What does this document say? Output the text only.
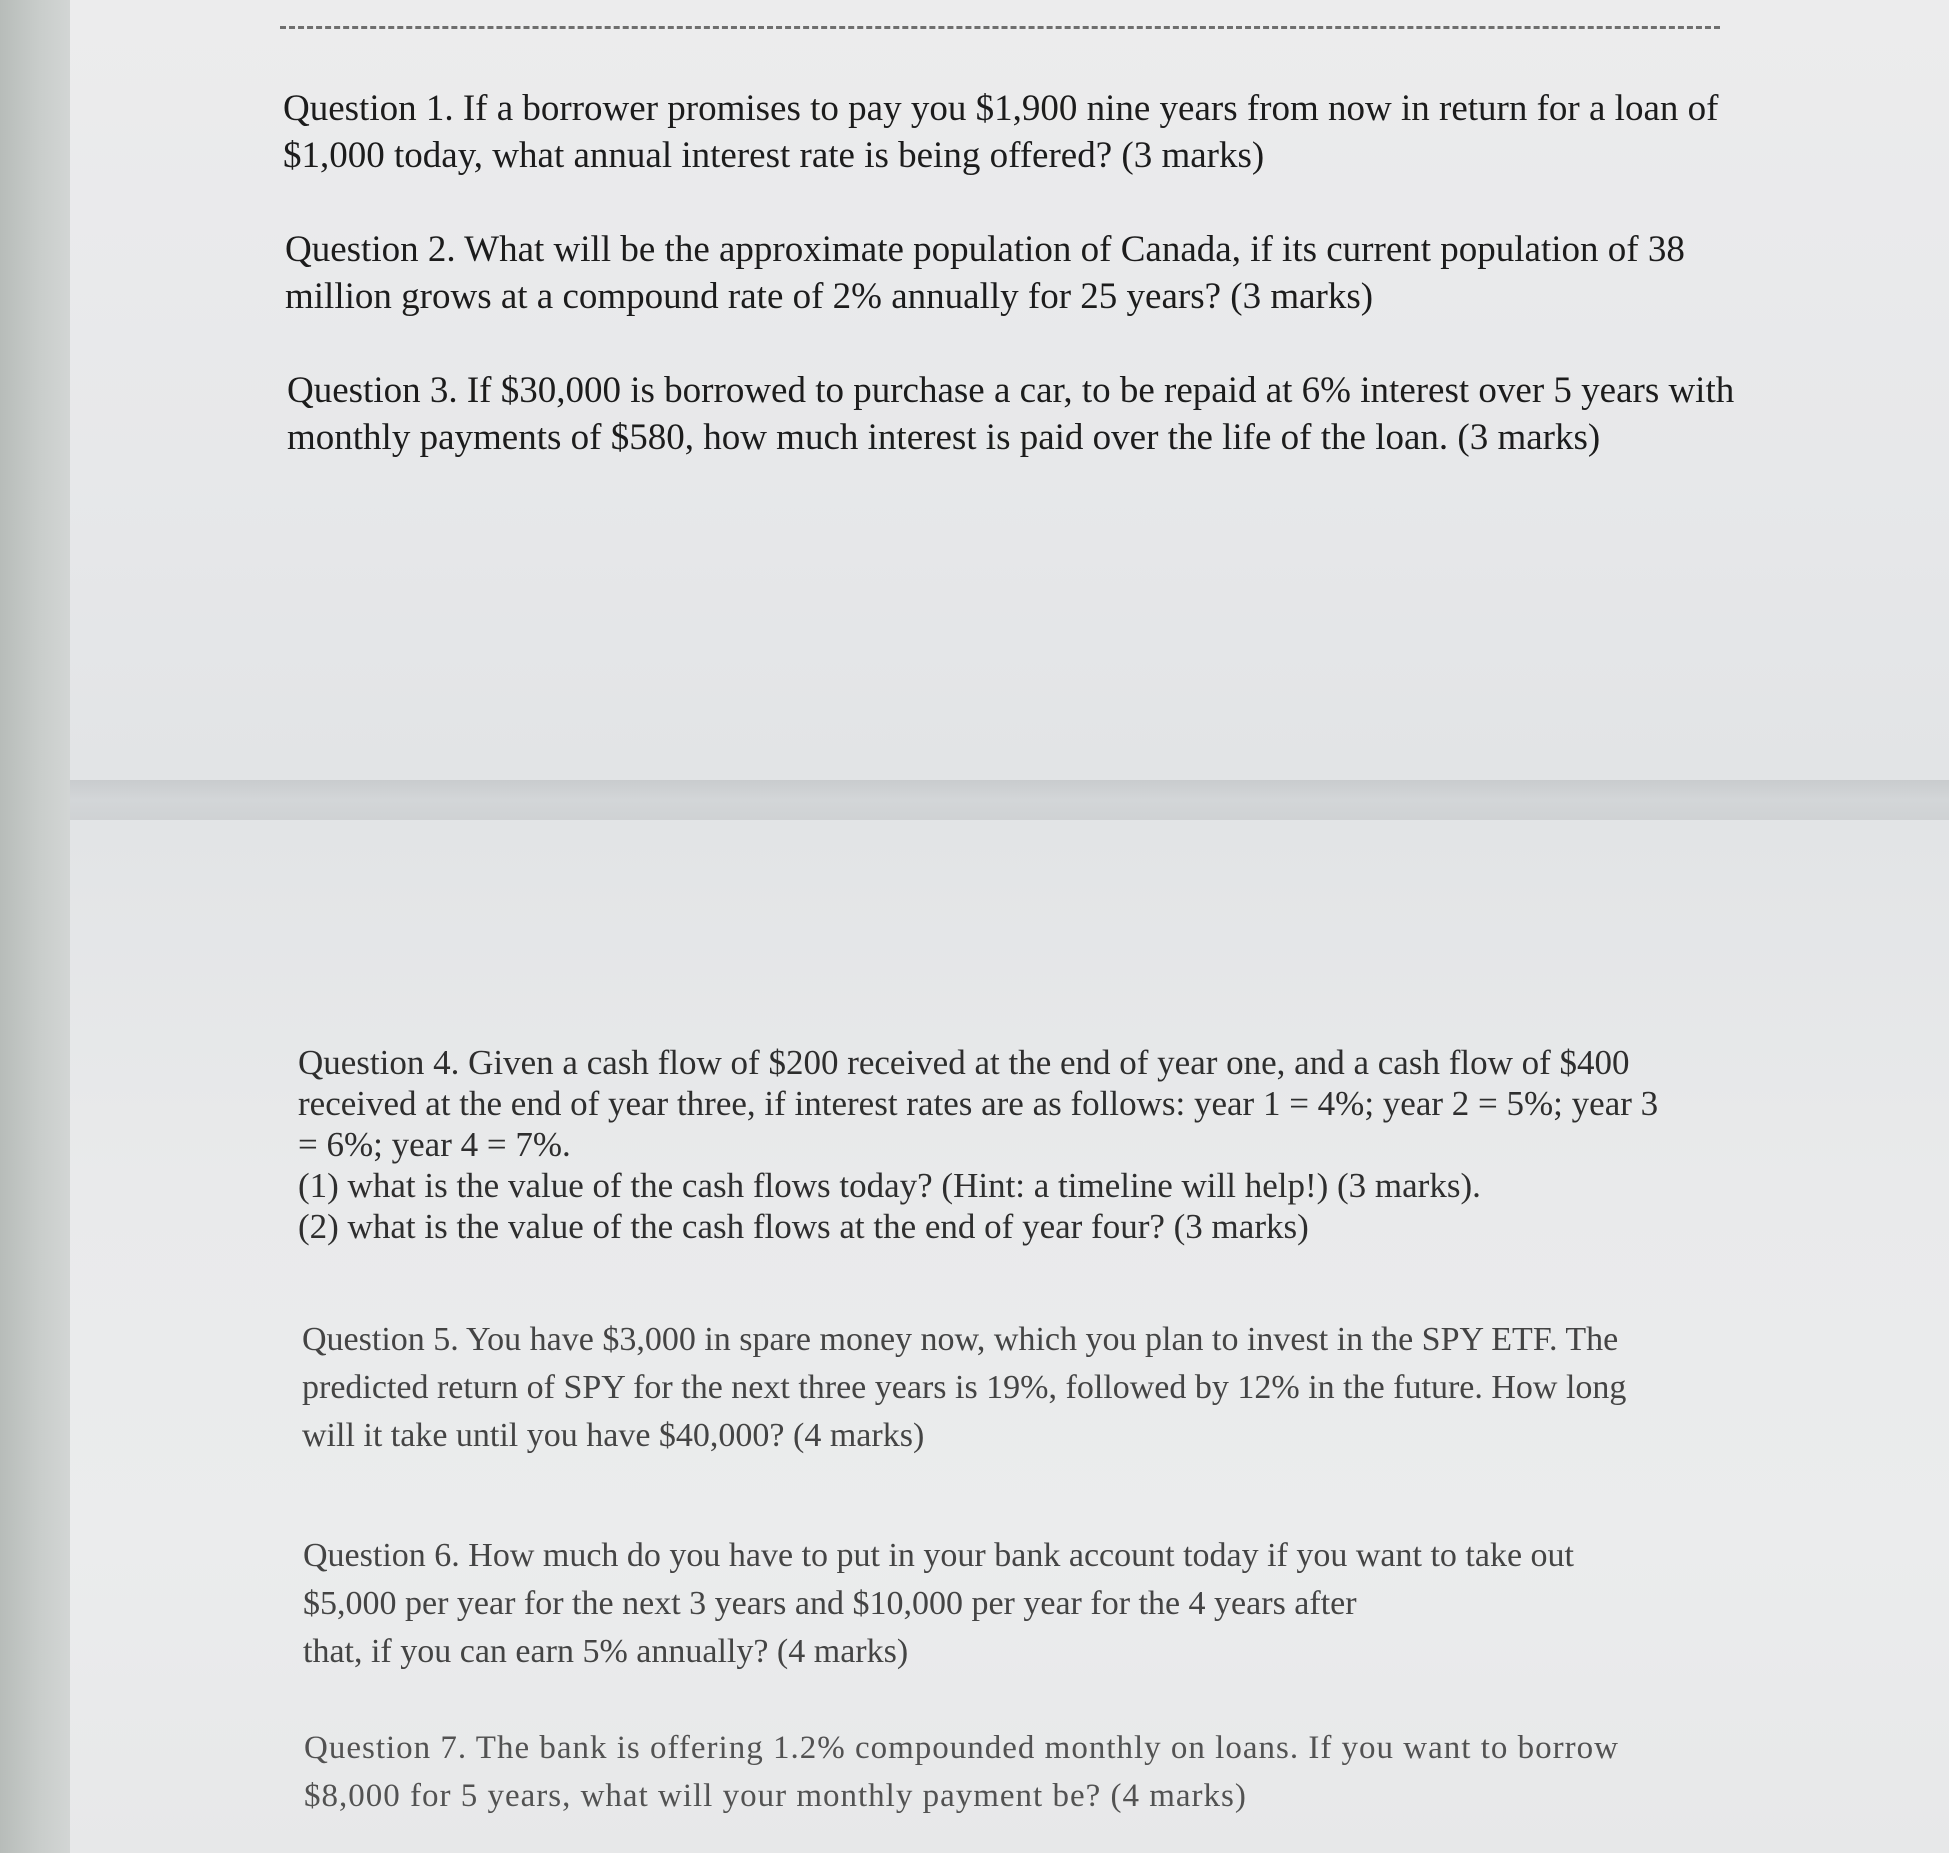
Question 1. If a borrower promises to pay you $1,900 nine years from now in return for a loan of
$1,000 today, what annual interest rate is being offered? (3 marks)

Question 2. What will be the approximate population of Canada, if its current population of 38
million grows at a compound rate of 2% annually for 25 years? (3 marks)

Question 3. If $30,000 is borrowed to purchase a car, to be repaid at 6% interest over 5 years with
monthly payments of $580, how much interest is paid over the life of the loan. (3 marks)

Question 4. Given a cash flow of $200 received at the end of year one, and a cash flow of $400
received at the end of year three, if interest rates are as follows: year 1 = 4%; year 2 = 5%; year 3
= 6%; year 4 = 7%.
(1) what is the value of the cash flows today? (Hint: a timeline will help!) (3 marks).
(2) what is the value of the cash flows at the end of year four? (3 marks)

Question 5. You have $3,000 in spare money now, which you plan to invest in the SPY ETF. The
predicted return of SPY for the next three years is 19%, followed by 12% in the future. How long
will it take until you have $40,000? (4 marks)

Question 6. How much do you have to put in your bank account today if you want to take out
$5,000 per year for the next 3 years and $10,000 per year for the 4 years after
that, if you can earn 5% annually? (4 marks)

Question 7. The bank is offering 1.2% compounded monthly on loans. If you want to borrow
$8,000 for 5 years, what will your monthly payment be? (4 marks)
